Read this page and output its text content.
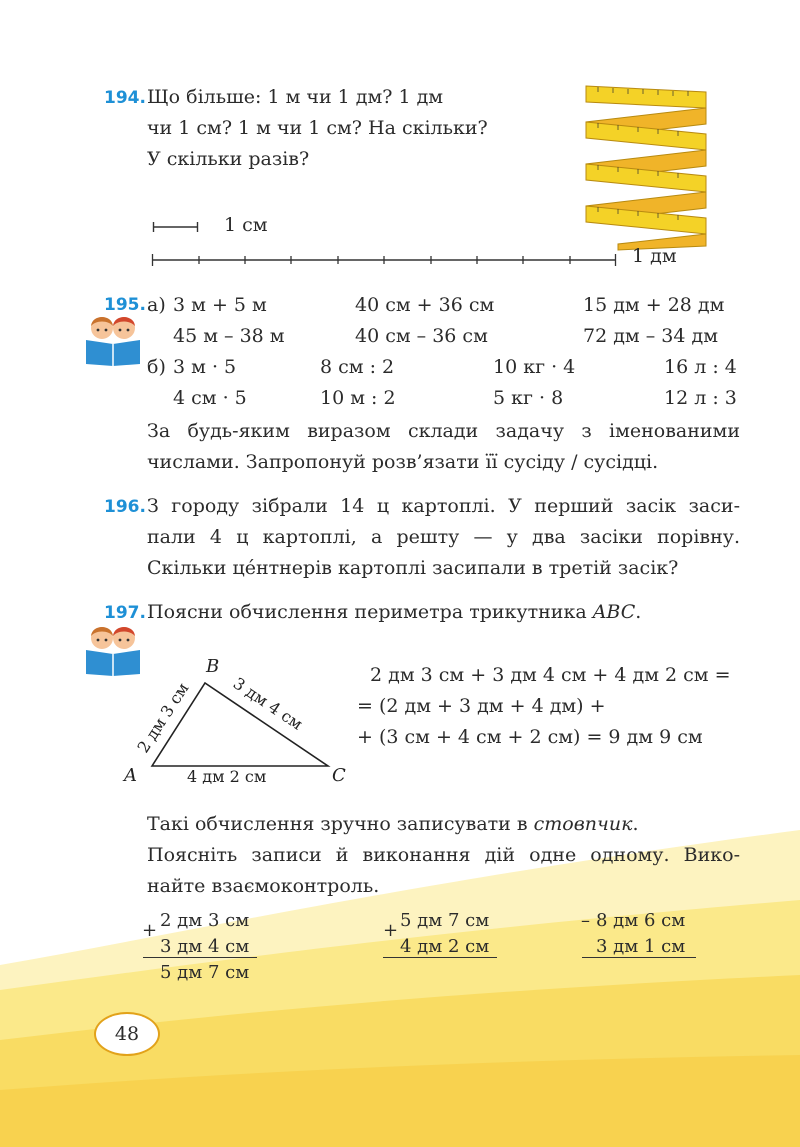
194. Що більше: 1 м чи 1 дм? 1 дм
чи 1 см? 1 м чи 1 см? На скільки?
У скільки разів?
1 см
1 дм
195. а) 3 м + 5 м	40 см + 36 см	15 дм + 28 дм
45 м – 38 м	40 см – 36 см	72 дм – 34 дм
б) 3 м · 5	8 см : 2	10 кг · 4	16 л : 4
4 см · 5	10 м : 2	5 кг · 8	12 л : 3
За будь-яким виразом склади задачу з іменованими
числами. Запропонуй розв’язати її сусіду / сусідці.
196. З городу зібрали 14 ц картоплі. У перший засік заси-
пали 4 ц картоплі, а решту — у два засіки порівну.
Скільки це́нтнерів картоплі засипали в третій засік?
197. Поясни обчислення периметра трикутника ABC.
A
B
C
2 дм 3 см 3 дм 4 см
4 дм 2 см
2 дм 3 см + 3 дм 4 см + 4 дм 2 см =
= (2 дм + 3 дм + 4 дм) +
+ (3 см + 4 см + 2 см) = 9 дм 9 см
Такі обчислення зручно записувати в стовпчик.
Поясніть записи й виконання дій одне одному. Вико-
найте взаємоконтроль.
+ 2 дм 3 см
3 дм 4 см
5 дм 7 см
+ 5 дм 7 см
4 дм 2 см
– 8 дм 6 см
3 дм 1 см
48
